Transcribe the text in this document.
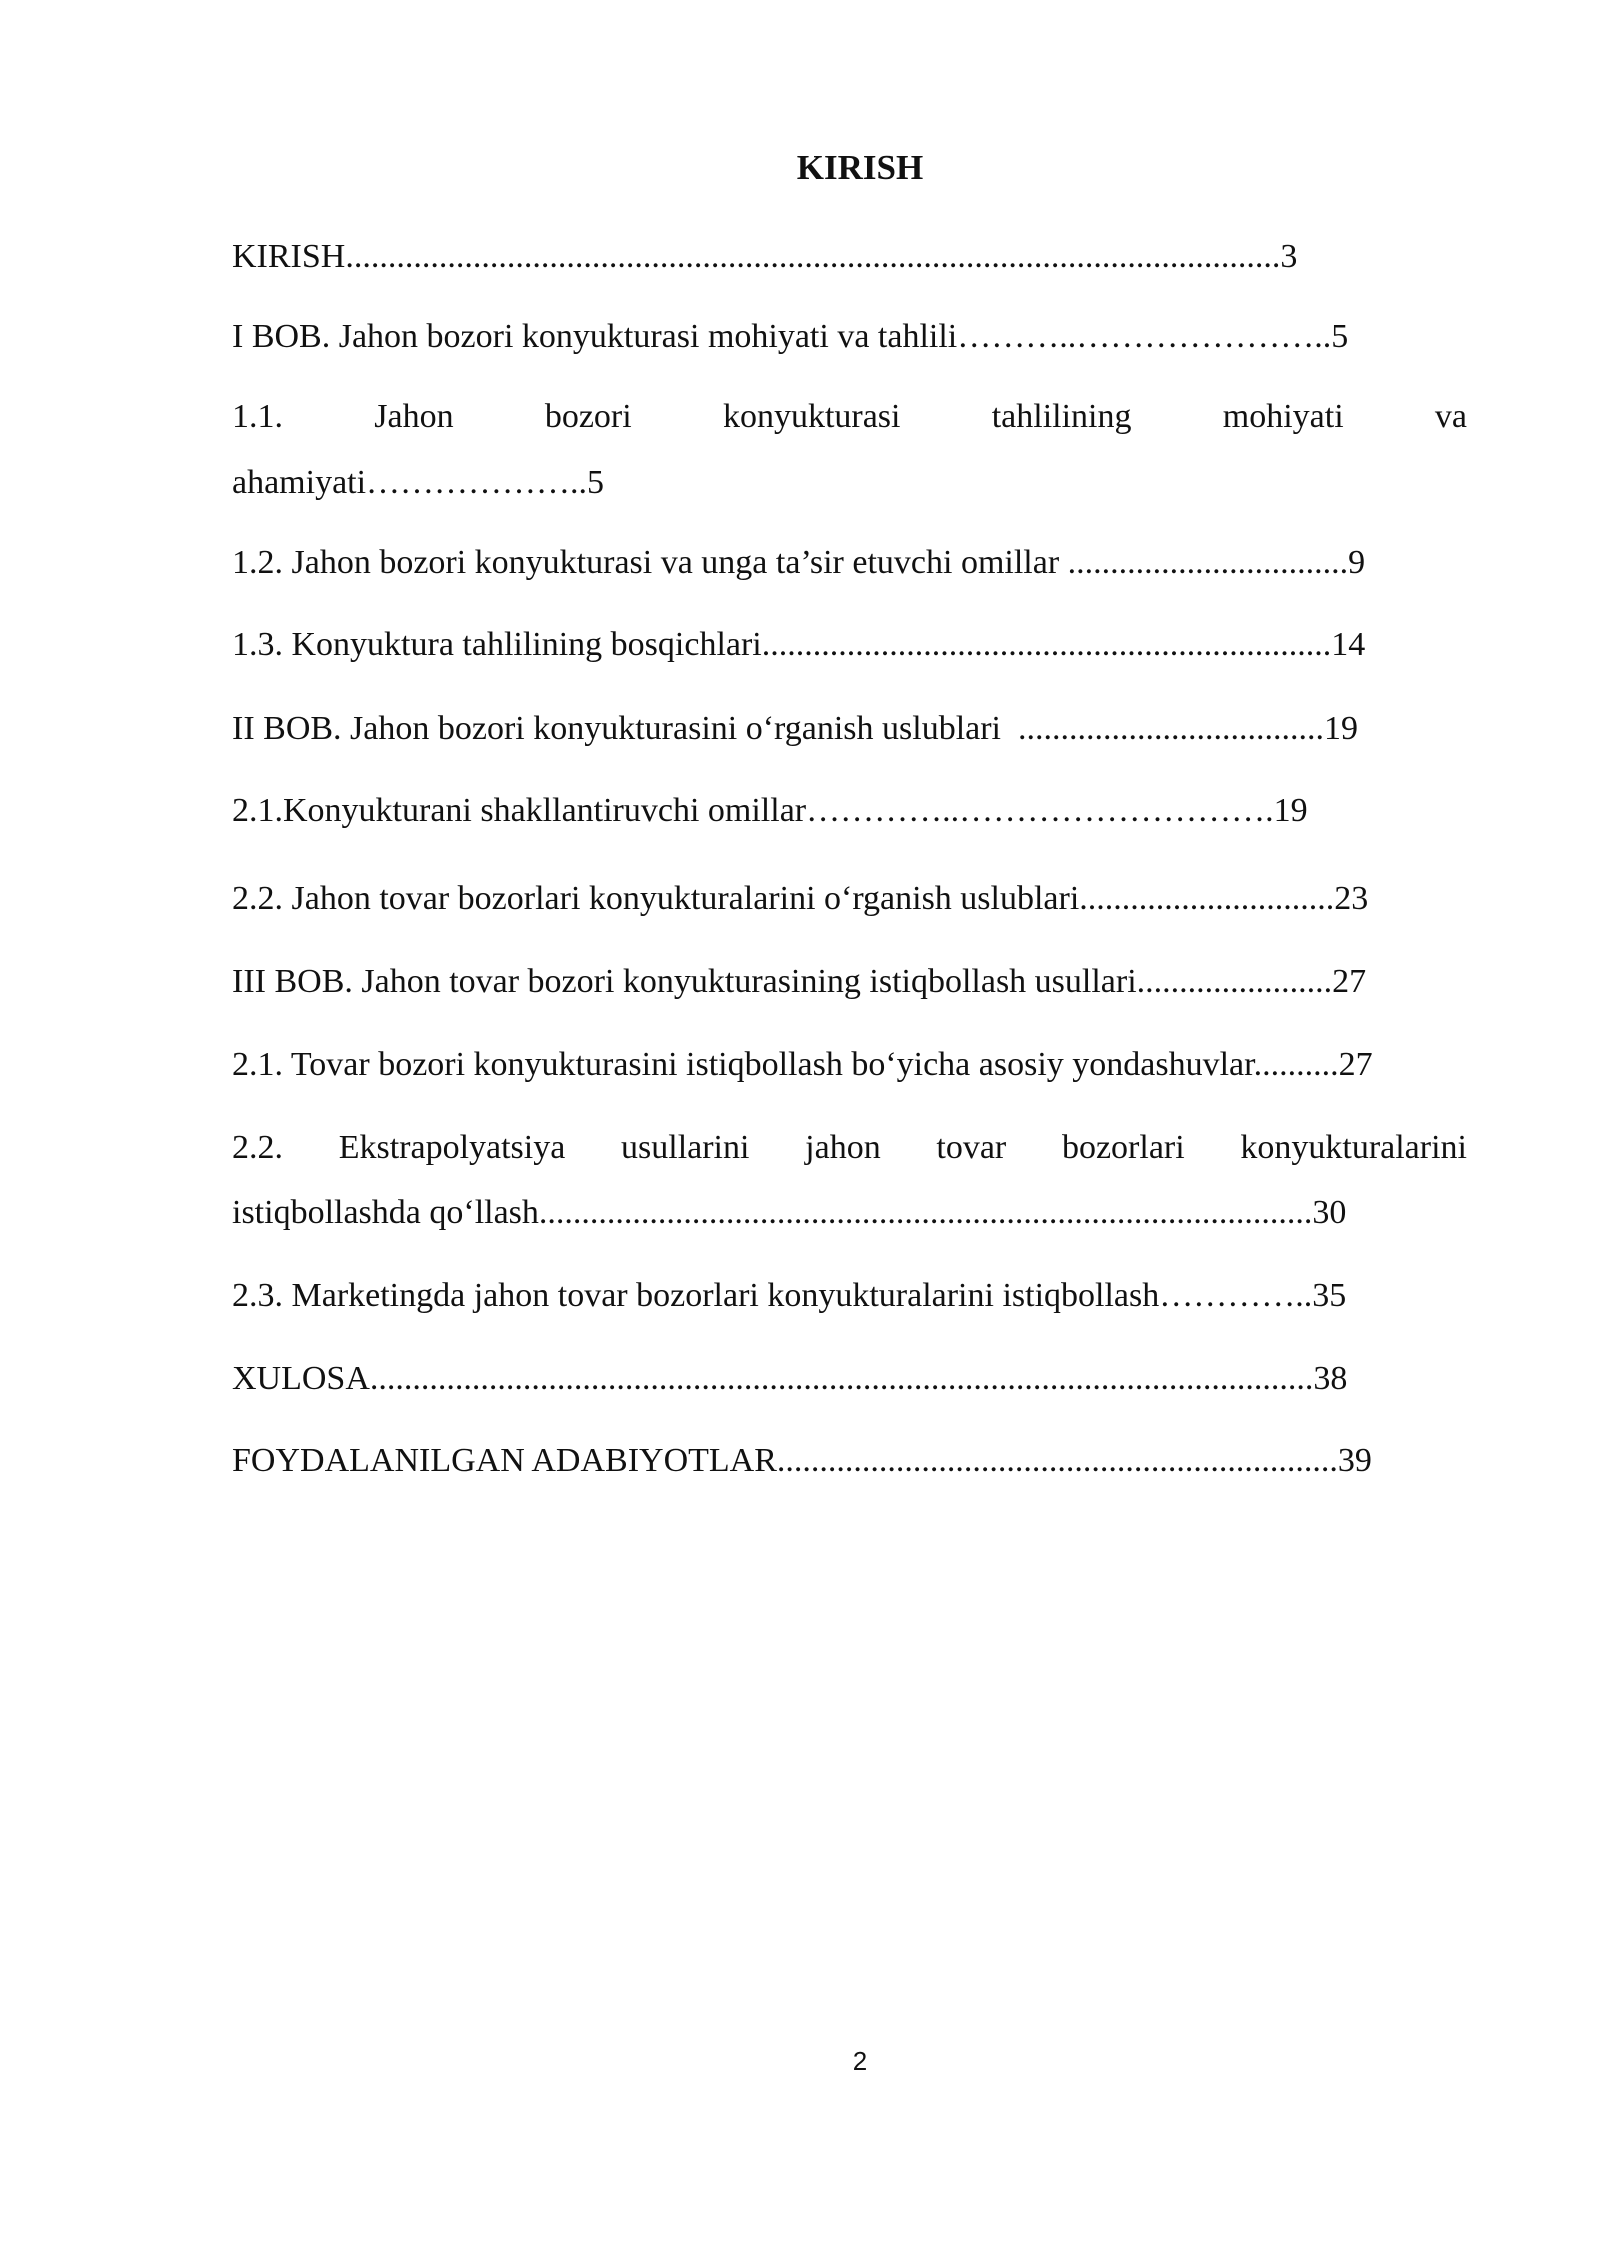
KIRISH

KIRISH..............................................................................................................3

I BOB. Jahon bozori konyukturasi mohiyati va tahlili………..…………………..5

1.1. Jahon bozori konyukturasi tahlilining mohiyati va

ahamiyati………………..5

1.2. Jahon bozori konyukturasi va unga ta’sir etuvchi omillar .................................9

1.3. Konyuktura tahlilining bosqichlari...................................................................14

II BOB. Jahon bozori konyukturasini o‘rganish uslublari  ....................................19

2.1.Konyukturani shakllantiruvchi omillar…………..……………………….19

2.2. Jahon tovar bozorlari konyukturalarini o‘rganish uslublari..............................23

III BOB. Jahon tovar bozori konyukturasining istiqbollash usullari.......................27

2.1. Tovar bozori konyukturasini istiqbollash bo‘yicha asosiy yondashuvlar..........27

2.2. Ekstrapolyatsiya usullarini jahon tovar bozorlari konyukturalarini

istiqbollashda qo‘llash...........................................................................................30

2.3. Marketingda jahon tovar bozorlari konyukturalarini istiqbollash…………..35

XULOSA...............................................................................................................38

FOYDALANILGAN ADABIYOTLAR..................................................................39

2
